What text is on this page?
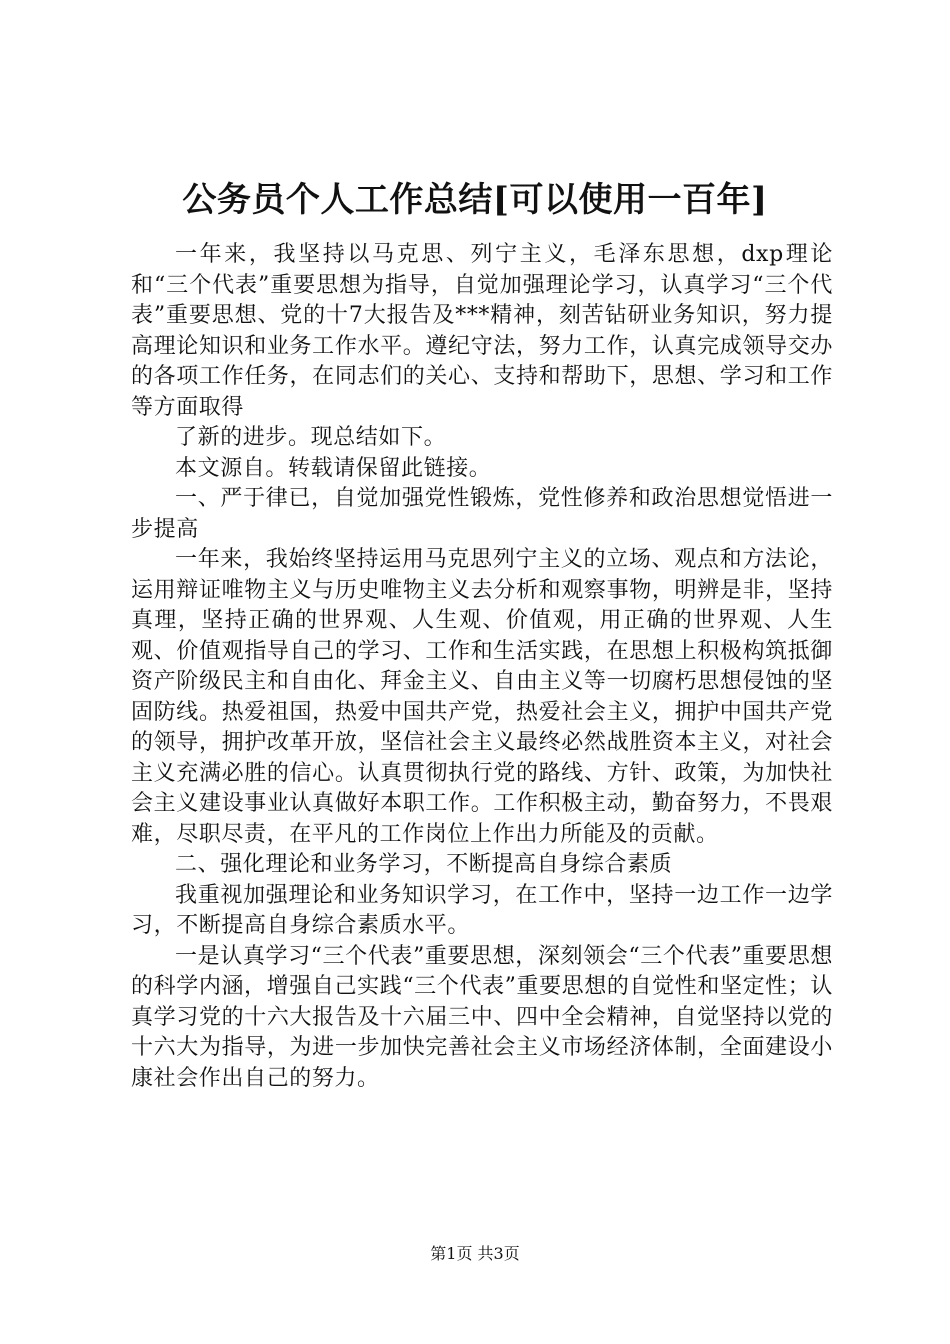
公务员个人工作总结[可以使用一百年]

一年来，我坚持以马克思、列宁主义，毛泽东思想，dxp理论和“三个代表”重要思想为指导，自觉加强理论学习，认真学习“三个代表”重要思想、党的十7大报告及***精神，刻苦钻研业务知识，努力提高理论知识和业务工作水平。遵纪守法，努力工作，认真完成领导交办的各项工作任务，在同志们的关心、支持和帮助下，思想、学习和工作等方面取得

了新的进步。现总结如下。

本文源自。转载请保留此链接。

一、严于律已，自觉加强党性锻炼，党性修养和政治思想觉悟进一步提高

一年来，我始终坚持运用马克思列宁主义的立场、观点和方法论，运用辩证唯物主义与历史唯物主义去分析和观察事物，明辨是非，坚持真理，坚持正确的世界观、人生观、价值观，用正确的世界观、人生观、价值观指导自己的学习、工作和生活实践，在思想上积极构筑抵御资产阶级民主和自由化、拜金主义、自由主义等一切腐朽思想侵蚀的坚固防线。热爱祖国，热爱中国共产党，热爱社会主义，拥护中国共产党的领导，拥护改革开放，坚信社会主义最终必然战胜资本主义，对社会主义充满必胜的信心。认真贯彻执行党的路线、方针、政策，为加快社会主义建设事业认真做好本职工作。工作积极主动，勤奋努力，不畏艰难，尽职尽责，在平凡的工作岗位上作出力所能及的贡献。

二、强化理论和业务学习，不断提高自身综合素质

我重视加强理论和业务知识学习，在工作中，坚持一边工作一边学习，不断提高自身综合素质水平。

一是认真学习“三个代表”重要思想，深刻领会“三个代表”重要思想的科学内涵，增强自己实践“三个代表”重要思想的自觉性和坚定性；认真学习党的十六大报告及十六届三中、四中全会精神，自觉坚持以党的十六大为指导，为进一步加快完善社会主义市场经济体制，全面建设小康社会作出自己的努力。

第1页 共3页
